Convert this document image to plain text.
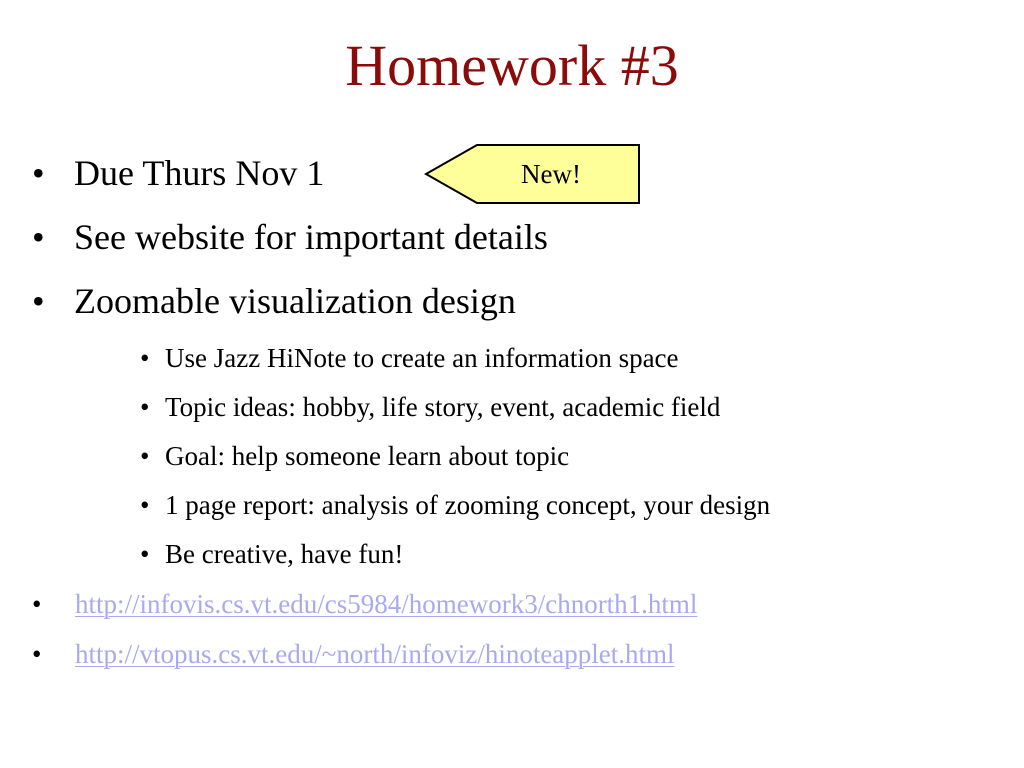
Homework #3
• Due Thurs Nov 1
• See website for important details
• Zoomable visualization design
• Use Jazz HiNote to create an information space
• Topic ideas: hobby, life story, event, academic field
• Goal: help someone learn about topic
• 1 page report: analysis of zooming concept, your design
• Be creative, have fun!
• http://infovis.cs.vt.edu/cs5984/homework3/chnorth1.html
• http://vtopus.cs.vt.edu/~north/infoviz/hinoteapplet.html
New!
